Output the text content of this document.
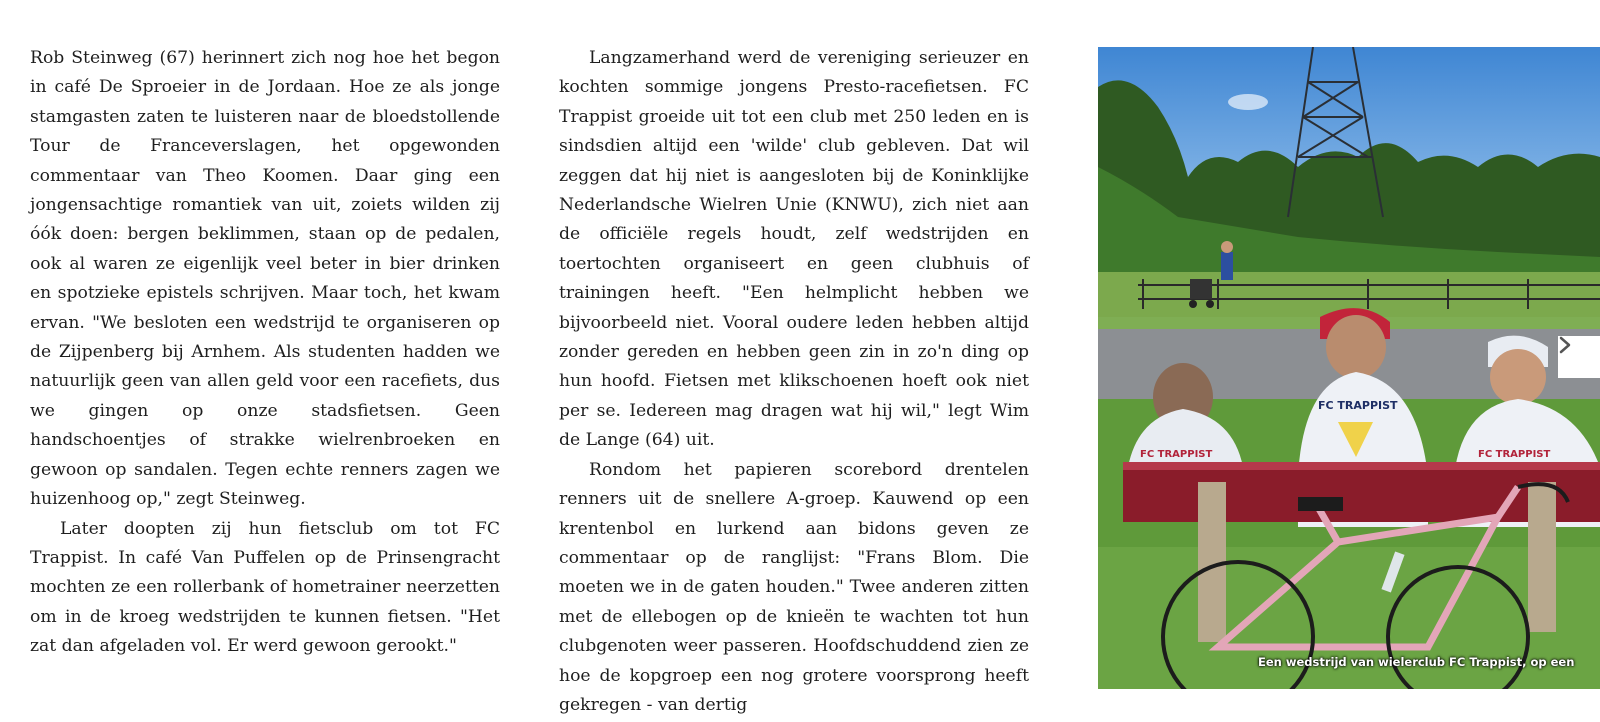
Rob Steinweg (67) herinnert zich nog hoe het begon in café De Sproeier in de Jordaan. Hoe ze als jonge stamgasten zaten te luisteren naar de bloedstollende Tour de Franceverslagen, het opgewonden commentaar van Theo Koomen. Daar ging een jongensachtige romantiek van uit, zoiets wilden zij óók doen: bergen beklimmen, staan op de pedalen, ook al waren ze eigenlijk veel beter in bier drinken en spotzieke epistels schrijven. Maar toch, het kwam ervan. "We besloten een wedstrijd te organiseren op de Zijpenberg bij Arnhem. Als studenten hadden we natuurlijk geen van allen geld voor een racefiets, dus we gingen op onze stadsfietsen. Geen handschoentjes of strakke wielrenbroeken en gewoon op sandalen. Tegen echte renners zagen we huizenhoog op," zegt Steinweg.

Later doopten zij hun fietsclub om tot FC Trappist. In café Van Puffelen op de Prinsengracht mochten ze een rollerbank of hometrainer neerzetten om in de kroeg wedstrijden te kunnen fietsen. "Het zat dan afgeladen vol. Er werd gewoon gerookt."

Langzamerhand werd de vereniging serieuzer en kochten sommige jongens Presto-racefietsen. FC Trappist groeide uit tot een club met 250 leden en is sindsdien altijd een 'wilde' club gebleven. Dat wil zeggen dat hij niet is aangesloten bij de Koninklijke Nederlandsche Wielren Unie (KNWU), zich niet aan de officiële regels houdt, zelf wedstrijden en toertochten organiseert en geen clubhuis of trainingen heeft. "Een helmplicht hebben we bijvoorbeeld niet. Vooral oudere leden hebben altijd zonder gereden en hebben geen zin in zo'n ding op hun hoofd. Fietsen met klikschoenen hoeft ook niet per se. Iedereen mag dragen wat hij wil," legt Wim de Lange (64) uit.

Rondom het papieren scorebord drentelen renners uit de snellere A-groep. Kauwend op een krentenbol en lurkend aan bidons geven ze commentaar op de ranglijst: "Frans Blom. Die moeten we in de gaten houden." Twee anderen zitten met de ellebogen op de knieën te wachten tot hun clubgenoten weer passeren. Hoofdschuddend zien ze hoe de kopgroep een nog grotere voorsprong heeft gekregen - van dertig

FC TRAPPIST
FC TRAPPIST
FC TRAPPIST
Een wedstrijd van wielerclub FC Trappist, op een
